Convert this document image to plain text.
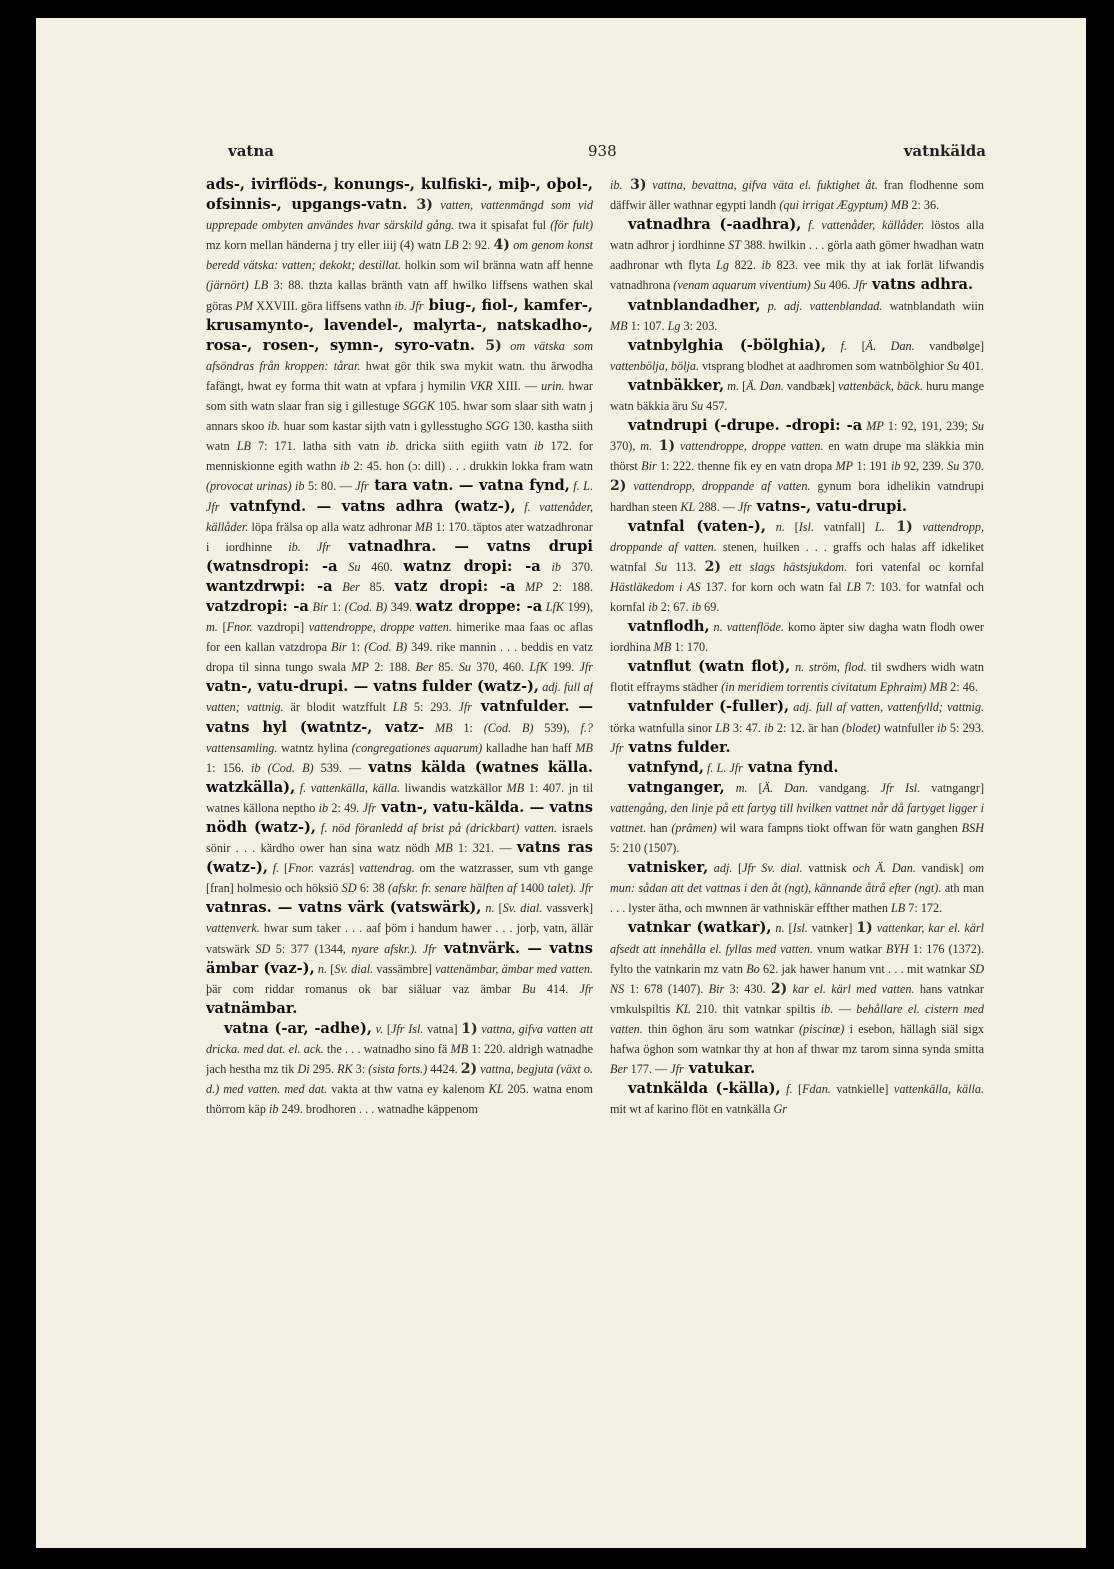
vatna	938	vatnkälda

ads-, ivirflöds-, konungs-, kulfiski-, miþ-, oþol-, ofsinnis-, upgangs-vatn. 3) vatten, vattenmängd som vid upprepade ombyten användes hvar särskild gång. twa it spisafat ful (för fult) mz korn mellan händerna j try eller iiij (4) watn LB 2: 92. 4) om genom konst beredd vätska: vatten; dekokt; destillat. holkin som wil bränna watn aff henne (järnört) LB 3: 88. thzta kallas bränth vatn aff hwilko liffsens wathen skal göras PM XXVIII. göra liffsens vathn ib. Jfr biug-, fiol-, kamfer-, krusamynto-, lavendel-, malyrta-, natskadho-, rosa-, rosen-, symn-, syro-vatn. 5) om vätska som afsöndras från kroppen: tårar. hwat gör thik swa mykit watn. thu ärwodha fafängt, hwat ey forma thit watn at vpfara j hymilin VKR XIII. — urin. hwar som sith watn slaar fran sig i gillestuge SGGK 105. hwar som slaar sith watn j annars skoo ib. huar som kastar sijth vatn i gyllesstugho SGG 130. kastha siith watn LB 7: 171. latha sith vatn ib. dricka siith egiith vatn ib 172. for menniskionne egith wathn ib 2: 45. hon (ɔ: dill) . . . drukkin lokka fram watn (provocat urinas) ib 5: 80. — Jfr tara vatn. — vatna fynd, f. L. Jfr vatnfynd. — vatns adhra (watz-), f. vattenåder, källåder. löpa frälsa op alla watz adhronar MB 1: 170. täptos ater watzadhronar i iordhinne ib. Jfr vatnadhra. — vatns drupi (watnsdropi: -a Su 460. watnz dropi: -a ib 370. wantzdrwpi: -a Ber 85. vatz dropi: -a MP 2: 188. vatzdropi: -a Bir 1: (Cod. B) 349. watz droppe: -a LfK 199), m. [Fnor. vazdropi] vattendroppe, droppe vatten. himerike maa faas oc aflas for een kallan vatzdropa Bir 1: (Cod. B) 349. rike mannin . . . beddis en vatz dropa til sinna tungo swala MP 2: 188. Ber 85. Su 370, 460. LfK 199. Jfr vatn-, vatu-drupi. — vatns fulder (watz-), adj. full af vatten; vattnig. är blodit watzffult LB 5: 293. Jfr vatnfulder. — vatns hyl (watntz-, vatz- MB 1: (Cod. B) 539), f.? vattensamling. watntz hylina (congregationes aquarum) kalladhe han haff MB 1: 156. ib (Cod. B) 539. — vatns kälda (watnes källa. watzkälla), f. vattenkälla, källa. liwandis watzkällor MB 1: 407. jn til watnes källona neptho ib 2: 49. Jfr vatn-, vatu-kälda. — vatns nödh (watz-), f. nöd föranledd af brist på (drickbart) vatten. israels sönir . . . kärdho ower han sina watz nödh MB 1: 321. — vatns ras (watz-), f. [Fnor. vazrás] vattendrag. om the watzrasser, sum vth gange [fran] holmesio och höksiö SD 6: 38 (afskr. fr. senare hälften af 1400 talet). Jfr vatnras. — vatns värk (vatswärk), n. [Sv. dial. vassverk] vattenverk. hwar sum taker . . . aaf þöm i handum hawer . . . jorþ, vatn, ällär vatswärk SD 5: 377 (1344, nyare afskr.). Jfr vatnvärk. — vatns ämbar (vaz-), n. [Sv. dial. vassämbre] vattenämbar, ämbar med vatten. þär com riddar romanus ok bar siäluar vaz ämbar Bu 414. Jfr vatnämbar.

vatna (-ar, -adhe), v. [Jfr Isl. vatna] 1) vattna, gifva vatten att dricka. med dat. el. ack. the . . . watnadho sino fä MB 1: 220. aldrigh watnadhe jach hestha mz tik Di 295. RK 3: (sista forts.) 4424. 2) vattna, begjuta (växt o. d.) med vatten. med dat. vakta at thw vatna ey kalenom KL 205. watna enom thörrom käp ib 249. brodhoren . . . watnadhe käppenom

ib. 3) vattna, bevattna, gifva väta el. fuktighet åt. fran flodhenne som däffwir äller wathnar egypti landh (qui irrigat Ægyptum) MB 2: 36.

vatnadhra (-aadhra), f. vattenåder, källåder. löstos alla watn adhror j iordhinne ST 388. hwilkin . . . görla aath gömer hwadhan watn aadhronar wth flyta Lg 822. ib 823. vee mik thy at iak forlät lifwandis vatnadhrona (venam aquarum viventium) Su 406. Jfr vatns adhra.

vatnblandadher, p. adj. vattenblandad. watnblandath wiin MB 1: 107. Lg 3: 203.

vatnbylghia (-bölghia), f. [Ä. Dan. vandbølge] vattenbölja, bölja. vtsprang blodhet at aadhromen som watnbölghior Su 401.

vatnbäkker, m. [Ä. Dan. vandbæk] vattenbäck, bäck. huru mange watn bäkkia äru Su 457.

vatndrupi (-drupe. -dropi: -a MP 1: 92, 191, 239; Su 370), m. 1) vattendroppe, droppe vatten. en watn drupe ma släkkia min thörst Bir 1: 222. thenne fik ey en vatn dropa MP 1: 191 ib 92, 239. Su 370. 2) vattendropp, droppande af vatten. gynum bora idhelikin vatndrupi hardhan steen KL 288. — Jfr vatns-, vatu-drupi.

vatnfal (vaten-), n. [Isl. vatnfall] L. 1) vattendropp, droppande af vatten. stenen, huilken . . . graffs och halas aff idkeliket watnfal Su 113. 2) ett slags hästsjukdom. fori vatenfal oc kornfal Hästläkedom i AS 137. for korn och watn fal LB 7: 103. for watnfal och kornfal ib 2: 67. ib 69.

vatnflodh, n. vattenflöde. komo äpter siw dagha watn flodh ower iordhina MB 1: 170.

vatnflut (watn flot), n. ström, flod. til swdhers widh watn flotit effrayms städher (in meridiem torrentis civitatum Ephraim) MB 2: 46.

vatnfulder (-fuller), adj. full af vatten, vattenfylld; vattnig. törka watnfulla sinor LB 3: 47. ib 2: 12. är han (blodet) watnfuller ib 5: 293. Jfr vatns fulder.

vatnfynd, f. L. Jfr vatna fynd.

vatnganger, m. [Ä. Dan. vandgang. Jfr Isl. vatngangr] vattengång, den linje på ett fartyg till hvilken vattnet når då fartyget ligger i vattnet. han (prâmen) wil wara fampns tiokt offwan för watn ganghen BSH 5: 210 (1507).

vatnisker, adj. [Jfr Sv. dial. vattnisk och Ä. Dan. vandisk] om mun: sådan att det vattnas i den åt (ngt), kännande åtrå efter (ngt). ath man . . . lyster ätha, och mwnnen är vathniskär effther mathen LB 7: 172.

vatnkar (watkar), n. [Isl. vatnker] 1) vattenkar, kar el. kärl afsedt att innehålla el. fyllas med vatten. vnum watkar BYH 1: 176 (1372). fylto the vatnkarin mz vatn Bo 62. jak hawer hanum vnt . . . mit watnkar SD NS 1: 678 (1407). Bir 3: 430. 2) kar el. kärl med vatten. hans vatnkar vmkulspiltis KL 210. thit vatnkar spiltis ib. — behållare el. cistern med vatten. thin öghon äru som watnkar (piscinæ) i esebon, hällagh siäl sigx hafwa öghon som watnkar thy at hon af thwar mz tarom sinna synda smitta Ber 177. — Jfr vatukar.

vatnkälda (-källa), f. [Fdan. vatnkielle] vattenkälla, källa. mit wt af karino flöt en vatnkälla Gr
